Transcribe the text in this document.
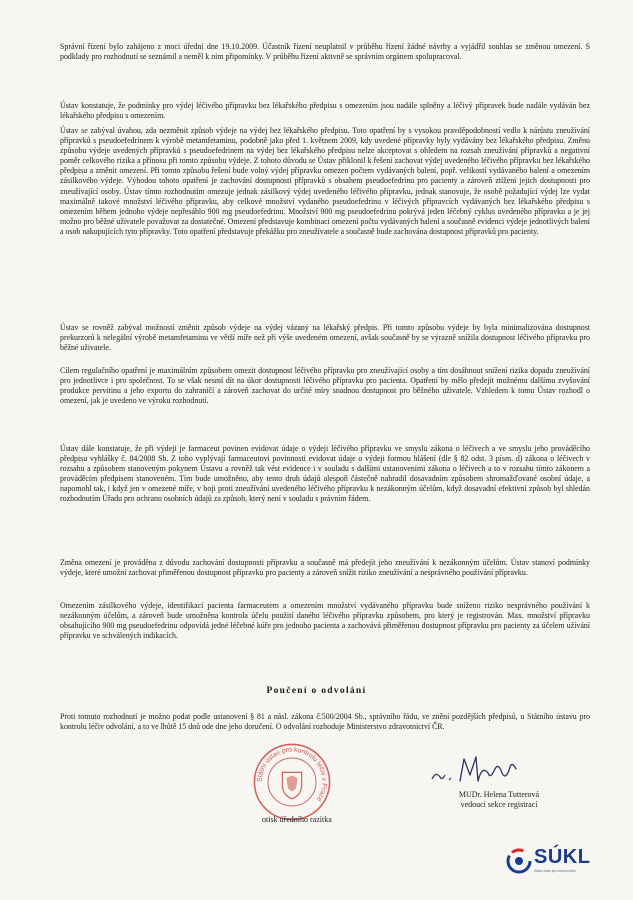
Správní řízení bylo zahájeno z moci úřední dne 19.10.2009. Účastník řízení neuplatnil v průběhu řízení žádné návrhy a vyjádřil souhlas se změnou omezení. S podklady pro rozhodnutí se seznámil a neměl k nim připomínky. V průběhu řízení aktivně se správním orgánem spolupracoval.

Ústav konstatuje, že podmínky pro výdej léčivého přípravku bez lékařského předpisu s omezením jsou nadále splněny a léčivý přípravek bude nadále vydáván bez lékařského předpisu s omezením.

Ústav se zabýval úvahou, zda nezměnit způsob výdeje na výdej bez lékařského předpisu. Toto opatření by s vysokou pravděpodobností vedlo k nárůstu zneužívání přípravků s pseudoefedrinem k výrobě metamfetaminu, podobně jako před 1. květnem 2009, kdy uvedené přípravky byly vydávány bez lékařského předpisu. Změnu způsobu výdeje uvedených přípravků s pseudoefedrinem na výdej bez lékařského předpisu nelze akceptovat s ohledem na rozsah zneužívání přípravků a negativní poměr celkového rizika a přínosu při tomto způsobu výdeje. Z tohoto důvodu se Ústav přiklonil k řešení zachovat výdej uvedeného léčivého přípravku bez lékařského předpisu a změnit omezení. Při tomto způsobu řešení bude volný výdej přípravku omezen počtem vydávaných balení, popř. velikostí vydávaného balení a omezením zásilkového výdeje. Výhodou tohoto opatření je zachování dostupnosti přípravků s obsahem pseudoefedrinu pro pacienty a zároveň ztížení jejich dostupnosti pro zneužívající osoby. Ústav tímto rozhodnutím omezuje jednak zásilkový výdej uvedeného léčivého přípravku, jednak stanovuje, že osobě požadující výdej lze vydat maximálně takové množství léčivého přípravku, aby celkové množství vydaného pseudoefedrinu v léčivých přípravcích vydávaných bez lékařského předpisu s omezením během jednoho výdeje nepřesáhlo 900 mg pseudoefedrinu. Množství 900 mg pseudoefedrinu pokrývá jeden léčebný cyklus uvedeného přípravku a je jej možno pro běžné uživatele považovat za dostatečné. Omezení představuje kombinaci omezení počtu vydávaných balení a současně evidenci výdeje jednotlivých balení a osob nakupujících tyto přípravky. Toto opatření představuje překážku pro zneužívatele a současně bude zachována dostupnost přípravků pro pacienty.

Ústav se rovněž zabýval možností změnit způsob výdeje na výdej vázaný na lékařský předpis. Při tomto způsobu výdeje by byla minimalizována dostupnost prekurzorů k nelegální výrobě metamfetaminu ve větší míře než při výše uvedeném omezení, avšak současně by se výrazně snížila dostupnost léčivého přípravku pro běžné uživatele.

Cílem regulačního opatření je maximálním způsobem omezit dostupnost léčivého přípravku pro zneužívající osoby a tím dosáhnout snížení rizika dopadu zneužívání pro jednotlivce i pro společnost. To se však nesmí dít na úkor dostupnosti léčivého přípravku pro pacienta. Opatření by mělo předejít možnému dalšímu zvyšování produkce pervitinu a jeho exportu do zahraničí a zároveň zachovat do určité míry snadnou dostupnost pro běžného uživatele. Vzhledem k tomu Ústav rozhodl o omezení, jak je uvedeno ve výroku rozhodnutí.

Ústav dále konstatuje, že při výdeji je farmaceut povinen evidovat údaje o výdeji léčivého přípravku ve smyslu zákona o léčivech a ve smyslu jeho prováděcího předpisu vyhlášky č. 84/2008 Sb. Z toho vyplývají farmaceutovi povinnosti evidovat údaje o výdeji formou hlášení (dle § 82 odst. 3 písm. d) zákona o léčivech v rozsahu a způsobem stanoveným pokynem Ústavu a rovněž tak vést evidence i v souladu s dalšími ustanoveními zákona o léčivech a to v rozsahu tímto zákonem a prováděcím předpisem stanoveném. Tím bude umožněno, aby tento druh údajů alespoň částečně nahradil dosavadním způsobem shromažďované osobní údaje, a napomohl tak, i když jen v omezené míře, v boji proti zneužívání uvedeného léčivého přípravku k nezákonným účelům, když dosavadní efektivní způsob byl shledán rozhodnutím Úřadu pro ochranu osobních údajů za způsob, který není v souladu s právním řádem.

Změna omezení je prováděna z důvodu zachování dostupnosti přípravku a současně má předejít jeho zneužívání k nezákonným účelům. Ústav stanoví podmínky výdeje, které umožní zachovat přiměřenou dostupnost přípravku pro pacienty a zároveň snížit riziko zneužívání a nesprávného používání přípravku.

Omezením zásilkového výdeje, identifikací pacienta farmaceutem a omezením množství vydávaného přípravku bude sníženo riziko nesprávného používání k nezákonným účelům, a zároveň bude umožněna kontrola účelu použití daného léčivého přípravku způsobem, pro který je registrován. Max. množství přípravku obsahujícího 900 mg pseudoefedrinu odpovídá jedné léčebné kúře pro jednoho pacienta a zachovává přiměřenou dostupnost přípravku pro pacienty za účelem užívání přípravku ve schválených indikacích.

Poučení o odvolání

Proti tomuto rozhodnutí je možno podat podle ustanovení § 81 a násl. zákona č.500/2004 Sb., správního řádu, ve znění pozdějších předpisů, u Státního ústavu pro kontrolu léčiv odvolání, a to ve lhůtě 15 dnů ode dne jeho doručení. O odvolání rozhoduje Ministerstvo zdravotnictví ČR.

Státní ústav pro kontrolu léčiv v Praze
otisk úředního razítka
MUDr. Helena Tutterová
vedoucí sekce registrací
SÚKL
Státní ústav pro kontrolu léčiv
